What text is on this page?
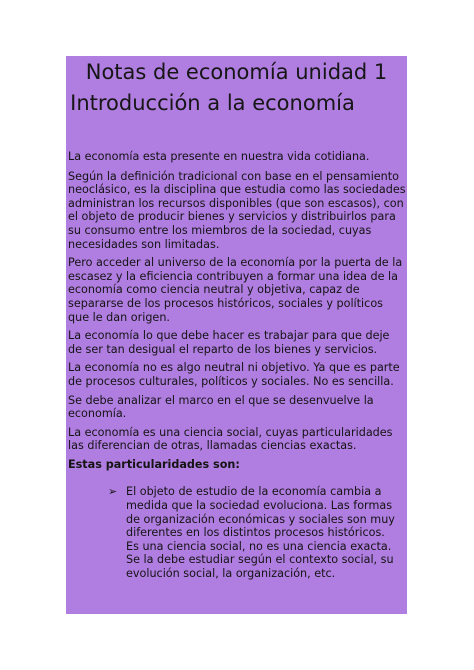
Notas de economía unidad 1
Introducción a la economía

La economía esta presente en nuestra vida cotidiana.

Según la definición tradicional con base en el pensamiento neoclásico, es la disciplina que estudia como las sociedades administran los recursos disponibles (que son escasos), con el objeto de producir bienes y servicios y distribuirlos para su consumo entre los miembros de la sociedad, cuyas necesidades son limitadas.

Pero acceder al universo de la economía por la puerta de la escasez y la eficiencia contribuyen a formar una idea de la economía como ciencia neutral y objetiva, capaz de separarse de los procesos históricos, sociales y políticos que le dan origen.

La economía lo que debe hacer es trabajar para que deje de ser tan desigual el reparto de los bienes y servicios.

La economía no es algo neutral ni objetivo. Ya que es parte de procesos culturales, políticos y sociales. No es sencilla.

Se debe analizar el marco en el que se desenvuelve la economía.

La economía es una ciencia social, cuyas particularidades las diferencian de otras, llamadas ciencias exactas.

Estas particularidades son:

➢ El objeto de estudio de la economía cambia a
medida que la sociedad evoluciona. Las formas
de organización económicas y sociales son muy
diferentes en los distintos procesos históricos.
Es una ciencia social, no es una ciencia exacta.
Se la debe estudiar según el contexto social, su
evolución social, la organización, etc.
